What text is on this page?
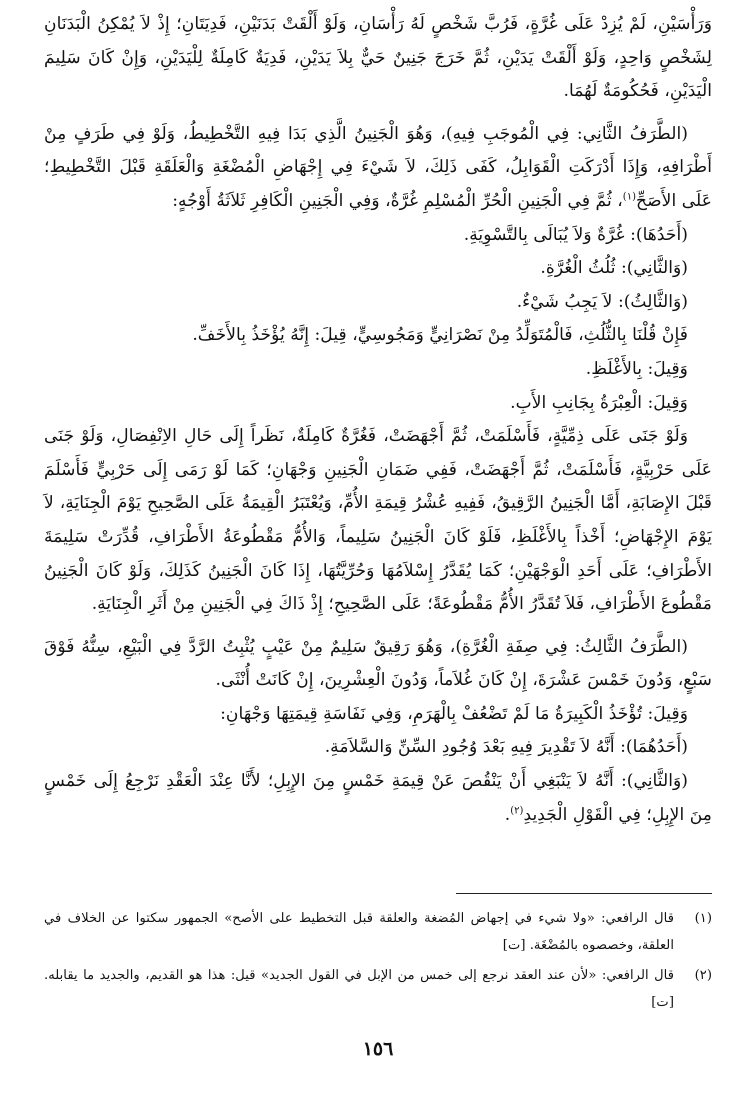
وَرَأْسَيْنِ، لَمْ يُزِدْ عَلَى غُرَّةٍ، فَرُبَّ شَخْصٍ لَهُ رَأْسَانِ، وَلَوْ أَلْقَتْ بَدَنَيْنِ، فَدِيَتَانِ؛ إِذْ لاَ يُمْكِنُ الْبَدَنَانِ لِشَخْصٍ وَاحِدٍ، وَلَوْ أَلْقَتْ يَدَيْنِ، ثُمَّ خَرَجَ جَنِينٌ حَيٌّ بِلاَ يَدَيْنِ، فَدِيَةٌ كَامِلَةٌ لِلْيَدَيْنِ، وَإِنْ كَانَ سَلِيمَ الْيَدَيْنِ، فَحُكُومَةٌ لَهُمَا.

(الطَّرَفُ الثَّانِي: فِي الْمُوجَبِ فِيهِ)، وَهُوَ الْجَنِينُ الَّذِي بَدَا فِيهِ التَّخْطِيطُ، وَلَوْ فِي طَرَفٍ مِنْ أَطْرَافِهِ، وَإِذَا أَدْرَكَتِ الْقَوَابِلُ، كَفَى ذَلِكَ، لاَ شَيْءَ فِي إِجْهَاضِ الْمُضْغَةِ وَالْعَلَقَةِ قَبْلَ التَّخْطِيطِ؛ عَلَى الأَصَحِّ$^{(١)}$، ثُمَّ فِي الْجَنِينِ الْحُرِّ الْمُسْلِمِ غُرَّةٌ، وَفِي الْجَنِينِ الْكَافِرِ ثَلاَثَةُ أَوْجُهٍ:

(أَحَدُهَا): غُرَّةٌ وَلاَ يُبَالَى بِالتَّسْوِيَةِ.

(وَالثَّانِي): ثُلُثُ الْغُرَّةِ.

(وَالثَّالِثُ): لاَ يَجِبُ شَيْءٌ.

فَإِنْ قُلْنَا بِالثُّلُثِ، فَالْمُتَوَلِّدُ مِنْ نَصْرَانِيٍّ وَمَجُوسِيٍّ، قِيلَ: إِنَّهُ يُؤْخَذُ بِالأَخَفِّ.

وَقِيلَ: بِالأَغْلَظِ.

وَقِيلَ: الْعِبْرَةُ بِجَانِبِ الأَبِ.

وَلَوْ جَنَى عَلَى ذِمِّيَّةٍ، فَأَسْلَمَتْ، ثُمَّ أَجْهَضَتْ، فَغُرَّةٌ كَامِلَةٌ، نَظَراً إِلَى حَالِ الاِنْفِصَالِ، وَلَوْ جَنَى عَلَى حَرْبِيَّةٍ، فَأَسْلَمَتْ، ثُمَّ أَجْهَضَتْ، فَفِي ضَمَانِ الْجَنِينِ وَجْهَانِ؛ كَمَا لَوْ رَمَى إِلَى حَرْبِيٍّ فَأَسْلَمَ قَبْلَ الإِصَابَةِ، أَمَّا الْجَنِينُ الرَّقِيقُ، فَفِيهِ عُشْرُ قِيمَةِ الأُمِّ، وَيُعْتَبَرُ الْقِيمَةُ عَلَى الصَّحِيحِ يَوْمَ الْجِنَايَةِ، لاَ يَوْمَ الإِجْهَاضِ؛ أَخْذاً بِالأَغْلَظِ، فَلَوْ كَانَ الْجَنِينُ سَلِيماً، وَالأُمُّ مَقْطُوعَةُ الأَطْرَافِ، قُدِّرَتْ سَلِيمَةَ الأَطْرَافِ؛ عَلَى أَحَدِ الْوَجْهَيْنِ؛ كَمَا يُقَدَّرُ إِسْلاَمُهَا وَحُرِّيَّتُهَا، إِذَا كَانَ الْجَنِينُ كَذَلِكَ، وَلَوْ كَانَ الْجَنِينُ مَقْطُوعَ الأَطْرَافِ، فَلاَ تُقَدَّرُ الأُمُّ مَقْطُوعَةً؛ عَلَى الصَّحِيحِ؛ إِذْ ذَاكَ فِي الْجَنِينِ مِنْ أَثَرِ الْجِنَايَةِ.

(الطَّرَفُ الثَّالِثُ: فِي صِفَةِ الْغُرَّةِ)، وَهُوَ رَقِيقٌ سَلِيمٌ مِنْ عَيْبٍ يُثْبِتُ الرَّدَّ فِي الْبَيْعِ، سِنُّهُ فَوْقَ سَبْعٍ، وَدُونَ خَمْسَ عَشْرَةَ، إِنْ كَانَ غُلاَماً، وَدُونَ الْعِشْرِينَ، إِنْ كَانَتْ أُنْثَى.

وَقِيلَ: تُؤْخَذُ الْكَبِيرَةُ مَا لَمْ تَضْعُفْ بِالْهَرَمِ، وَفِي نَفَاسَةِ قِيمَتِهَا وَجْهَانِ:

(أَحَدُهُمَا): أَنَّهُ لاَ تَقْدِيرَ فِيهِ بَعْدَ وُجُودِ السِّنِّ وَالسَّلاَمَةِ.

(وَالثَّانِي): أَنَّهُ لاَ يَنْبَغِي أَنْ يَنْقُصَ عَنْ قِيمَةِ خَمْسٍ مِنَ الإِبِلِ؛ لأَنَّا عِنْدَ الْعَقْدِ نَرْجِعُ إِلَى خَمْسٍ مِنَ الإِبِلِ؛ فِي الْقَوْلِ الْجَدِيدِ$^{(٢)}$.

(١)
قال الرافعي: «ولا شيء في إجهاض المُضغة والعلقة قبل التخطيط على الأصح» الجمهور سكتوا عن الخلاف في العلقة، وخصصوه بالمُضْغَة. [ت]
(٢)
قال الرافعي: «لأن عند العقد نرجع إلى خمس من الإبل في القول الجديد» قيل: هذا هو القديم، والجديد ما يقابله. [ت]
١٥٦
